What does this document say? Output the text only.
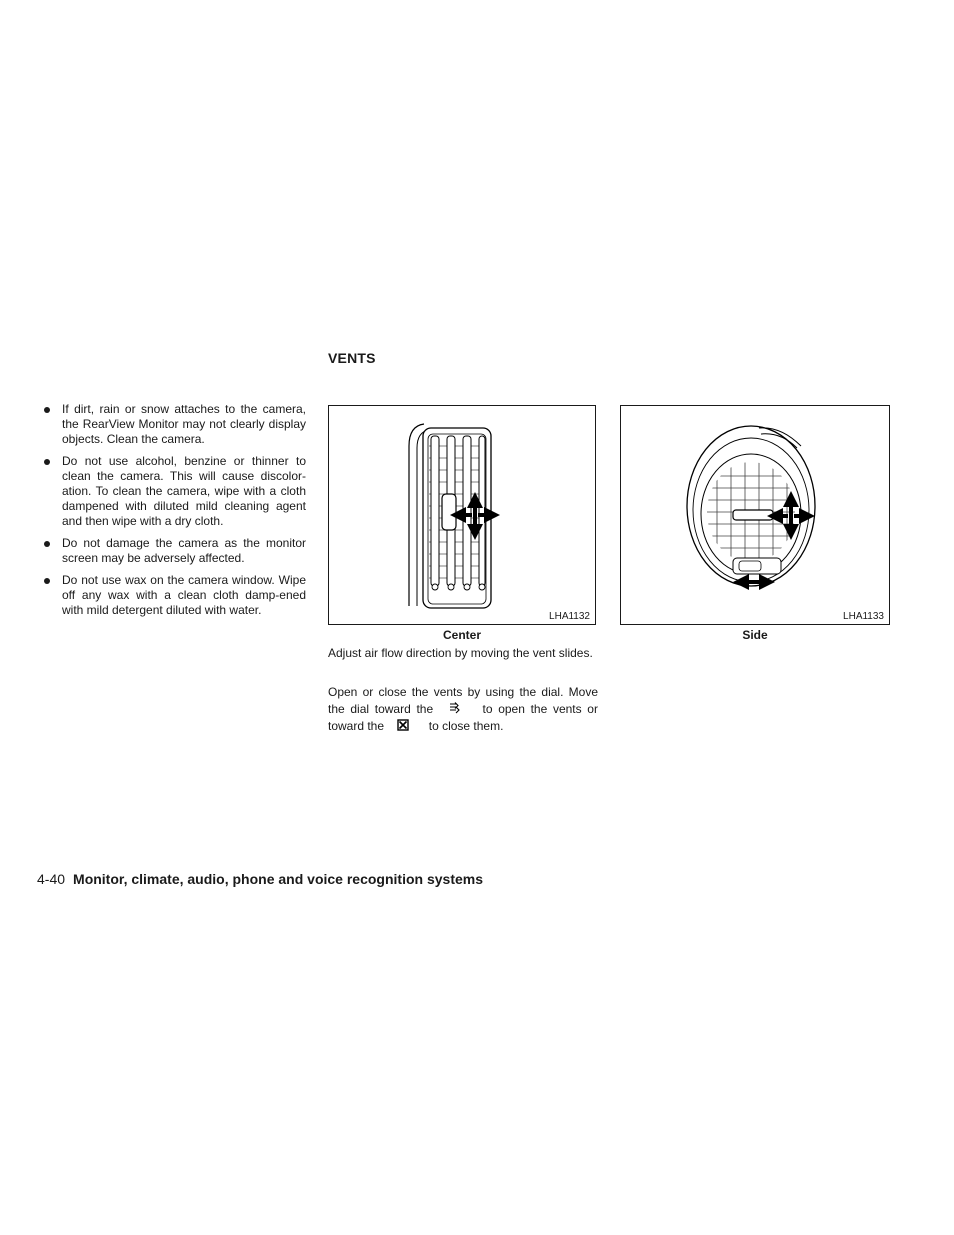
If dirt, rain or snow attaches to the camera, the RearView Monitor may not clearly display objects. Clean the camera.
Do not use alcohol, benzine or thinner to clean the camera. This will cause discolor-ation. To clean the camera, wipe with a cloth dampened with diluted mild cleaning agent and then wipe with a dry cloth.
Do not damage the camera as the monitor screen may be adversely affected.
Do not use wax on the camera window. Wipe off any wax with a clean cloth damp-ened with mild detergent diluted with water.
VENTS
LHA1132
Center
LHA1133
Side

Adjust air flow direction by moving the vent slides.

Open or close the vents by using the dial. Move the dial toward the	to open the vents or toward the	to close them.

4-40 Monitor, climate, audio, phone and voice recognition systems
